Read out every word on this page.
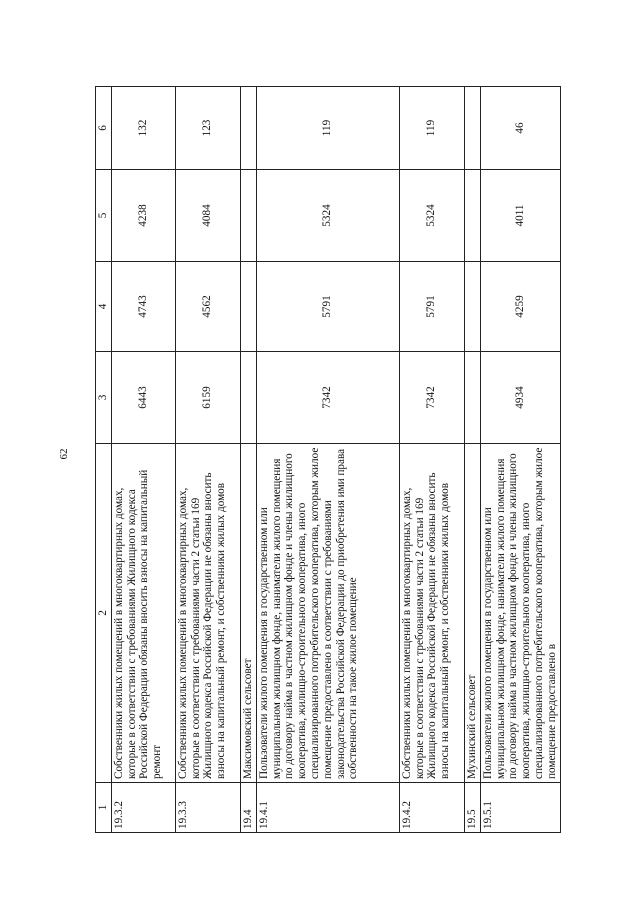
62
1	2	3	4	5	6
19.3.2	Собственники жилых помещений в многоквартирных домах, которые в соответствии с требованиями Жилищного кодекса Российской Федерации обязаны вносить взносы на капитальный ремонт	6443	4743	4238	132
19.3.3	Собственники жилых помещений в многоквартирных домах, которые в соответствии с требованиями части 2 статьи 169 Жилищного кодекса Российской Федерации не обязаны вносить взносы на капитальный ремонт, и собственники жилых домов	6159	4562	4084	123
19.4	Максимовский сельсовет				
19.4.1	Пользователи жилого помещения в государственном или муниципальном жилищном фонде, наниматели жилого помещения по договору найма в частном жилищном фонде и члены жилищного кооператива, жилищно-строительного кооператива, иного специализированного потребительского кооператива, которым жилое помещение предоставлено в соответствии с требованиями законодательства Российской Федерации до приобретения ими права собственности на такое жилое помещение	7342	5791	5324	119
19.4.2	Собственники жилых помещений в многоквартирных домах, которые в соответствии с требованиями части 2 статьи 169 Жилищного кодекса Российской Федерации не обязаны вносить взносы на капитальный ремонт, и собственники жилых домов	7342	5791	5324	119
19.5	Мухинский сельсовет				
19.5.1	Пользователи жилого помещения в государственном или муниципальном жилищном фонде, наниматели жилого помещения по договору найма в частном жилищном фонде и члены жилищного кооператива, жилищно-строительного кооператива, иного специализированного потребительского кооператива, которым жилое помещение предоставлено в	4934	4259	4011	46
